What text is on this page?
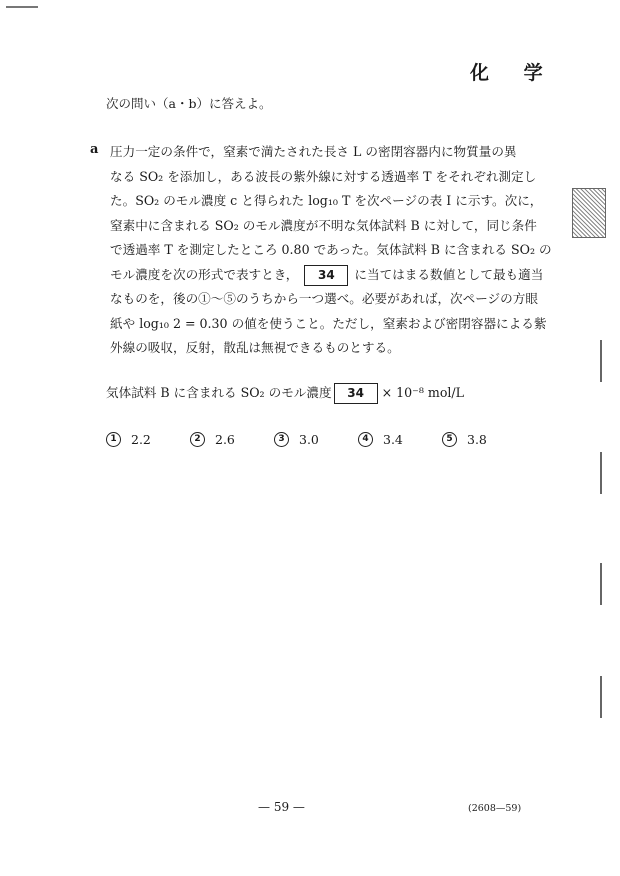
化 学
次の問い（a・b）に答えよ。
a 圧力一定の条件で，窒素で満たされた長さ L の密閉容器内に物質量の異
なる SO₂ を添加し，ある波長の紫外線に対する透過率 T をそれぞれ測定し
た。SO₂ のモル濃度 c と得られた log₁₀ T を次ページの表 I に示す。次に，
窒素中に含まれる SO₂ のモル濃度が不明な気体試料 B に対して，同じ条件
で透過率 T を測定したところ 0.80 であった。気体試料 B に含まれる SO₂ の
モル濃度を次の形式で表すとき， 34 に当てはまる数値として最も適当
なものを，後の①～⑤のうちから一つ選べ。必要があれば，次ページの方眼
紙や log₁₀ 2 = 0.30 の値を使うこと。ただし，窒素および密閉容器による紫
外線の吸収，反射，散乱は無視できるものとする。
気体試料 B に含まれる SO₂ のモル濃度 34 × 10⁻⁸ mol/L
1	2.2	2	2.6	3	3.0	4	3.4	5	3.8
— 59 —	(2608—59)
